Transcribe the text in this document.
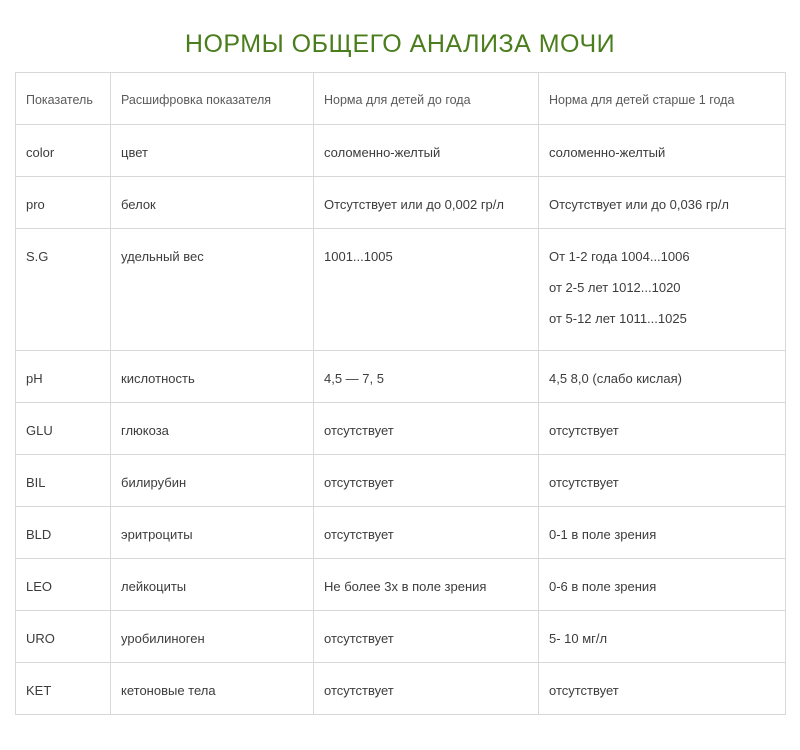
НОРМЫ ОБЩЕГО АНАЛИЗА МОЧИ
Показатель	Расшифровка показателя	Норма для детей до года	Норма для детей старше 1 года
color	цвет	соломенно-желтый	соломенно-желтый

pro	белок	Отсутствует или до 0,002 гр/л	Отсутствует или до 0,036 гр/л

S.G	удельный вес	1001...1005	От 1-2 года 1004...1006
от 2-5 лет 1012...1020
от 5-12 лет 1011...1025

pH	кислотность	4,5 — 7, 5	4,5 8,0 (слабо кислая)

GLU	глюкоза	отсутствует	отсутствует

BIL	билирубин	отсутствует	отсутствует

BLD	эритроциты	отсутствует	0-1 в поле зрения

LEO	лейкоциты	Не более 3х в поле зрения	0-6 в поле зрения

URO	уробилиноген	отсутствует	5- 10 мг/л

KET	кетоновые тела	отсутствует	отсутствует
